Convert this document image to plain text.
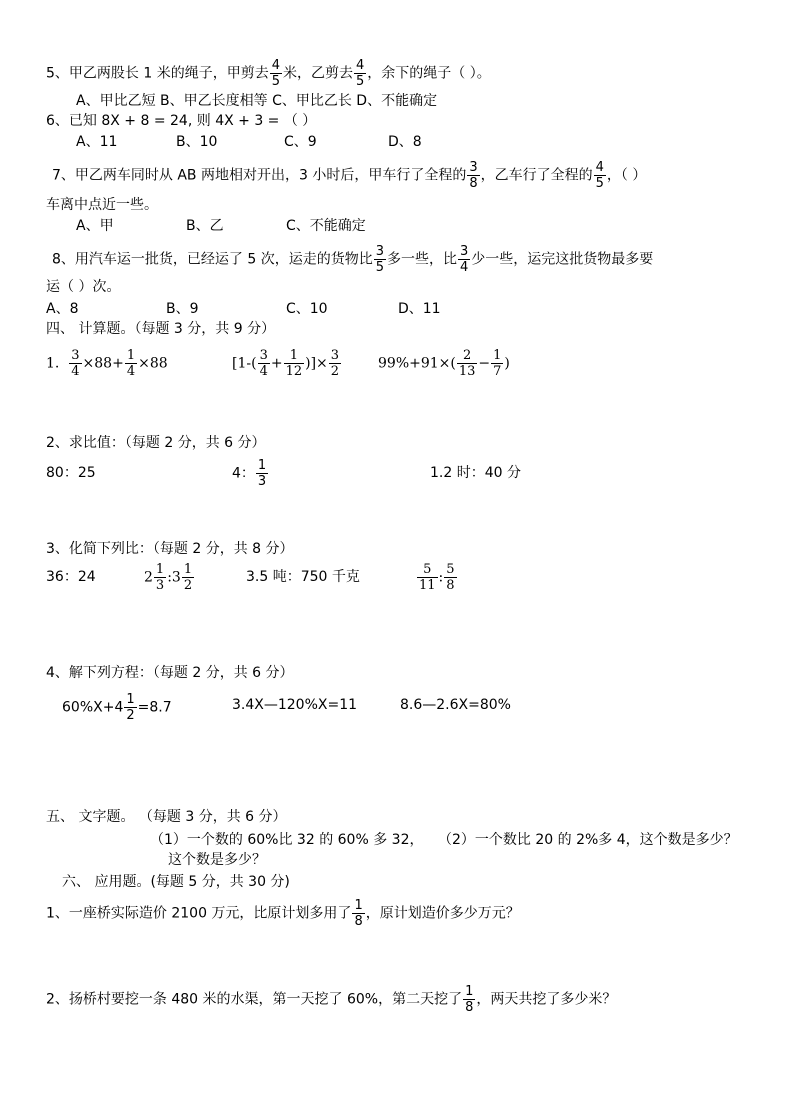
5、甲乙两股长 1 米的绳子，甲剪去 $\frac{4}{5}$ 米，乙剪去 $\frac{4}{5}$ ，余下的绳子（ ）。
A、甲比乙短 B、甲乙长度相等 C、甲比乙长 D、不能确定
6、已知 8X + 8 = 24, 则 4X + 3 = （ ）
A、11	B、10	C、9	D、8
7、甲乙两车同时从 AB 两地相对开出，3 小时后，甲车行了全程的 $\frac{3}{8}$ ，乙车行了全程的 $\frac{4}{5}$ ，（ ）
车离中点近一些。
A、甲	B、乙	C、不能确定
8、用汽车运一批货，已经运了 5 次，运走的货物比 $\frac{3}{5}$ 多一些，比 $\frac{3}{4}$ 少一些，运完这批货物最多要
运（ ）次。
A、8	B、9	C、10	D、11
四、 计算题。（每题 3 分，共 9 分）
1. $\frac{3}{4} \times 88+ \frac{1}{4} \times 88$	[$1-( \frac{3}{4} + \frac{1}{12}$ )]× $\frac{3}{2}$	$99\%+91\times( \frac{2}{13} - \frac{1}{7}$ )
2、求比值：（每题 2 分，共 6 分）
80：25	4： $\frac{1}{3}$	1.2 时：40 分
3、化简下列比：（每题 2 分，共 8 分）
36：24	$2 \frac{1}{3}$ :3 $\frac{1}{2}$	3.5 吨：750 千克	$\frac{5}{11}$ : $\frac{5}{8}$
4、解下列方程：（每题 2 分，共 6 分）
$60\%X+4 \frac{1}{2} =8.7$	3.4X—120%X=11	8.6—2.6X=80%
五、 文字题。 （每题 3 分，共 6 分）
（1）一个数的 60%比 32 的 60% 多 32， （2）一个数比 20 的 2%多 4，这个数是多少？
这个数是多少？
六、 应用题。(每题 5 分，共 30 分)
1、一座桥实际造价 2100 万元，比原计划多用了 $\frac{1}{8}$ ，原计划造价多少万元？
2、扬桥村要挖一条 480 米的水渠，第一天挖了 60%，第二天挖了 $\frac{1}{8}$ ，两天共挖了多少米？
